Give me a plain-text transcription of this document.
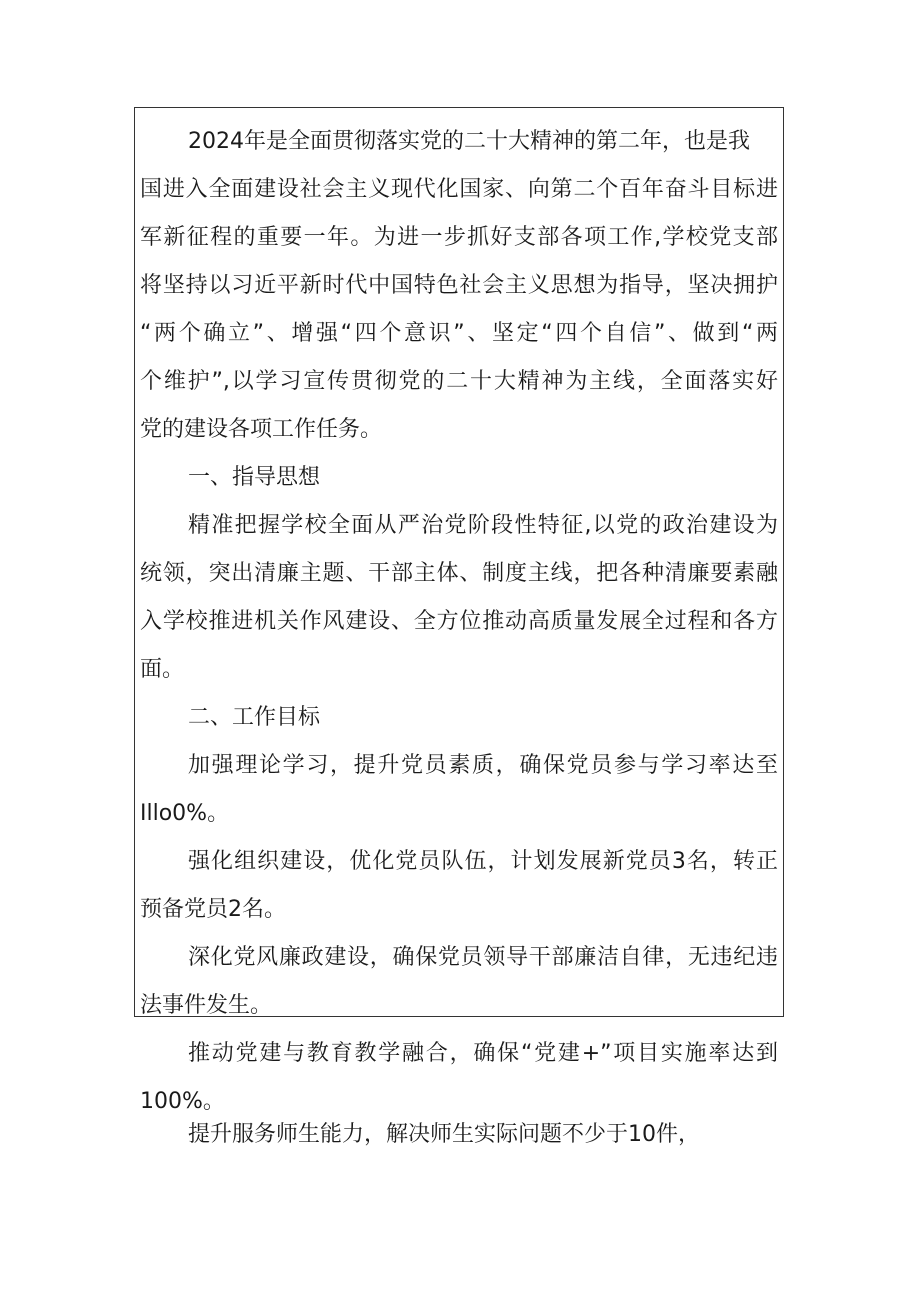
2024年是全面贯彻落实党的二十大精神的第二年，也是我
国进入全面建设社会主义现代化国家、向第二个百年奋斗目标进
军新征程的重要一年。为进一步抓好支部各项工作,学校党支部
将坚持以习近平新时代中国特色社会主义思想为指导，坚决拥护
“两个确立”、增强“四个意识”、坚定“四个自信”、做到“两
个维护”,以学习宣传贯彻党的二十大精神为主线，全面落实好
党的建设各项工作任务。
一、指导思想
精准把握学校全面从严治党阶段性特征,以党的政治建设为
统领，突出清廉主题、干部主体、制度主线，把各种清廉要素融
入学校推进机关作风建设、全方位推动高质量发展全过程和各方
面。
二、工作目标
加强理论学习，提升党员素质，确保党员参与学习率达至
Illo0%。
强化组织建设，优化党员队伍，计划发展新党员3名，转正
预备党员2名。
深化党风廉政建设，确保党员领导干部廉洁自律，无违纪违
法事件发生。
推动党建与教育教学融合，确保“党建+”项目实施率达到
100%。
提升服务师生能力，解决师生实际问题不少于10件，
